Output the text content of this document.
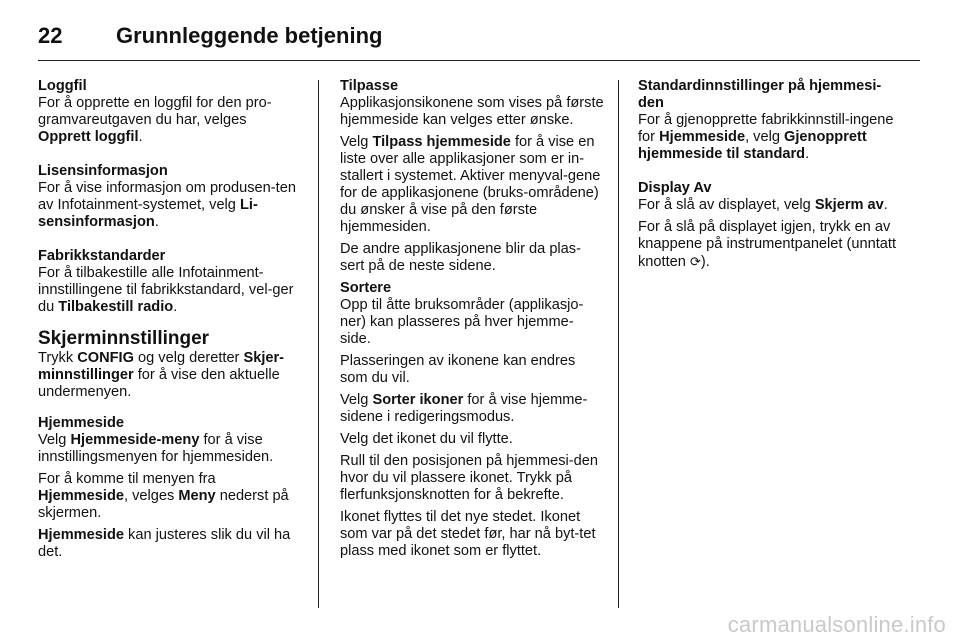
22	Grunnleggende betjening
Loggfil

For å opprette en loggfil for den pro-gramvareutgaven du har, velges Opprett loggfil.

Lisensinformasjon

For å vise informasjon om produsen-ten av Infotainment-systemet, velg Li-sensinformasjon.

Fabrikkstandarder

For å tilbakestille alle Infotainment-innstillingene til fabrikkstandard, vel-ger du Tilbakestill radio.

Skjerminnstillinger

Trykk CONFIG og velg deretter Skjer-minnstillinger for å vise den aktuelle undermenyen.

Hjemmeside

Velg Hjemmeside-meny for å vise innstillingsmenyen for hjemmesiden.

For å komme til menyen fra Hjemmeside, velges Meny nederst på skjermen.

Hjemmeside kan justeres slik du vil ha det.

Tilpasse

Applikasjonsikonene som vises på første hjemmeside kan velges etter ønske.

Velg Tilpass hjemmeside for å vise en liste over alle applikasjoner som er in-stallert i systemet. Aktiver menyval-gene for de applikasjonene (bruks-områdene) du ønsker å vise på den første hjemmesiden.

De andre applikasjonene blir da plas-sert på de neste sidene.

Sortere

Opp til åtte bruksområder (applikasjo-ner) kan plasseres på hver hjemme-side.

Plasseringen av ikonene kan endres som du vil.

Velg Sorter ikoner for å vise hjemme-sidene i redigeringsmodus.

Velg det ikonet du vil flytte.

Rull til den posisjonen på hjemmesi-den hvor du vil plassere ikonet. Trykk på flerfunksjonsknotten for å bekrefte.

Ikonet flyttes til det nye stedet. Ikonet som var på det stedet før, har nå byt-tet plass med ikonet som er flyttet.

Standardinnstillinger på hjemmesi-den

For å gjenopprette fabrikkinnstill-ingene for Hjemmeside, velg Gjenopprett hjemmeside til standard.

Display Av

For å slå av displayet, velg Skjerm av.

For å slå på displayet igjen, trykk en av knappene på instrumentpanelet (unntatt knotten ⟳).

carmanualsonline.info
